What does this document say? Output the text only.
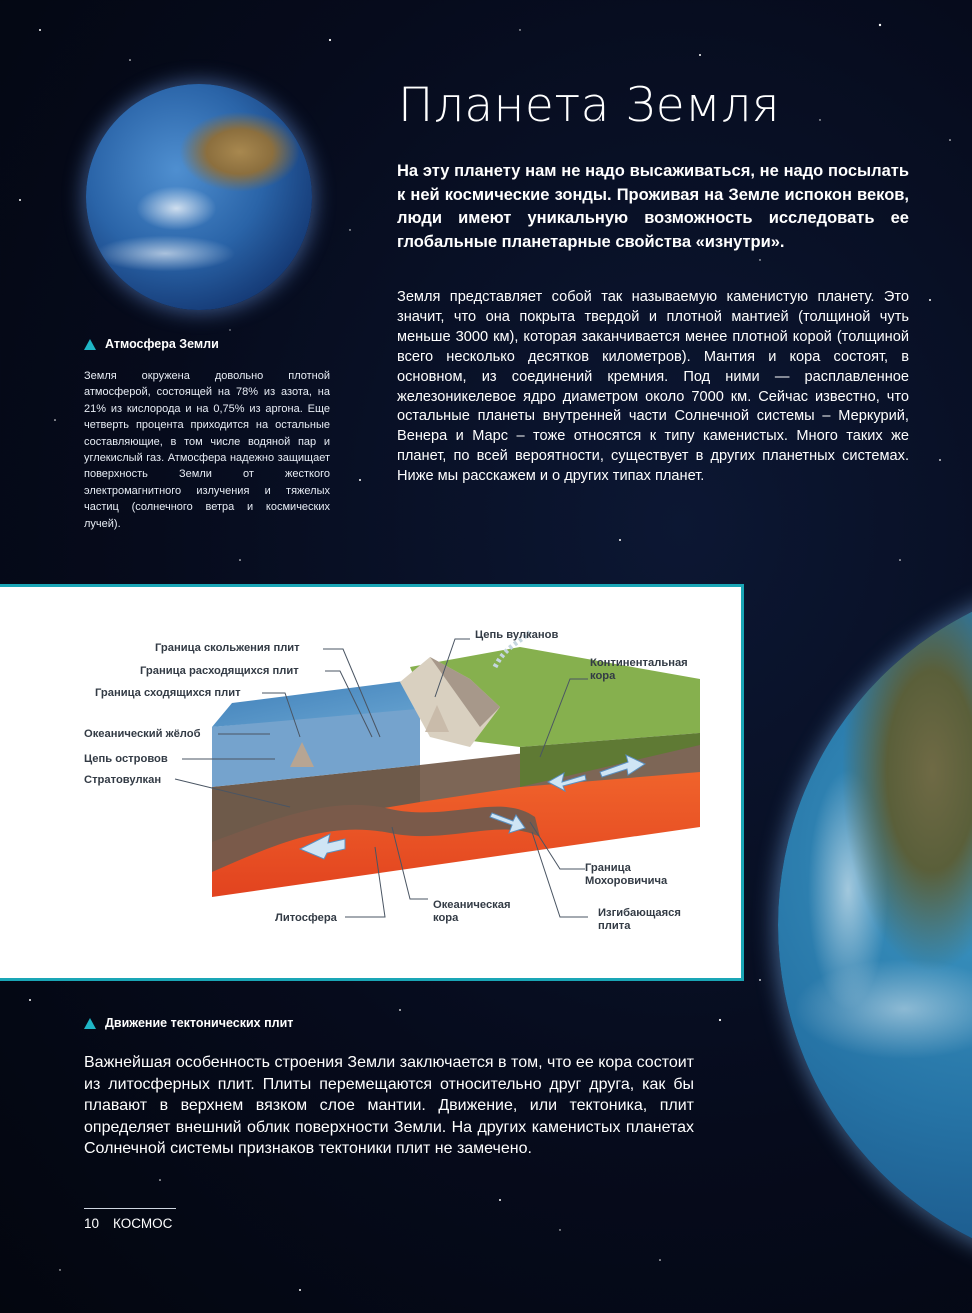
Планета Земля

На эту планету нам не надо высаживаться, не надо посылать к ней космические зонды. Проживая на Земле испокон веков, люди имеют уникальную возможность исследовать ее глобальные планетарные свойства «изнутри».

Земля представляет собой так называемую каменистую планету. Это значит, что она покрыта твердой и плотной мантией (толщиной чуть меньше 3000 км), которая заканчивается менее плотной корой (толщиной всего несколько десятков километров). Мантия и кора состоят, в основном, из соединений кремния. Под ними — расплавленное железоникелевое ядро диаметром около 7000 км. Сейчас известно, что остальные планеты внутренней части Солнечной системы – Меркурий, Венера и Марс – тоже относятся к типу каменистых. Много таких же планет, по всей вероятности, существует в других планетных системах. Ниже мы расскажем и о других типах планет.

Атмосфера Земли

Земля окружена довольно плотной атмосферой, состоящей на 78% из азота, на 21% из кислорода и на 0,75% из аргона. Еще четверть процента приходится на остальные составляющие, в том числе водяной пар и углекислый газ. Атмосфера надежно защищает поверхность Земли от жесткого электромагнитного излучения и тяжелых частиц (солнечного ветра и космических лучей).

Граница скольжения плит
Граница расходящихся плит
Граница сходящихся плит
Океанический жёлоб
Цепь островов
Стратовулкан
Цепь вулканов
Континентальная кора
Граница Мохоровичича
Океаническая кора	Изгибающаяся плита
Литосфера
Движение тектонических плит

Важнейшая особенность строения Земли заключается в том, что ее кора состоит из литосферных плит. Плиты перемещаются относительно друг друга, как бы плавают в верхнем вязком слое мантии. Движение, или тектоника, плит определяет внешний облик поверхности Земли. На других каменистых планетах Солнечной системы признаков тектоники плит не замечено.

10 КОСМОС
